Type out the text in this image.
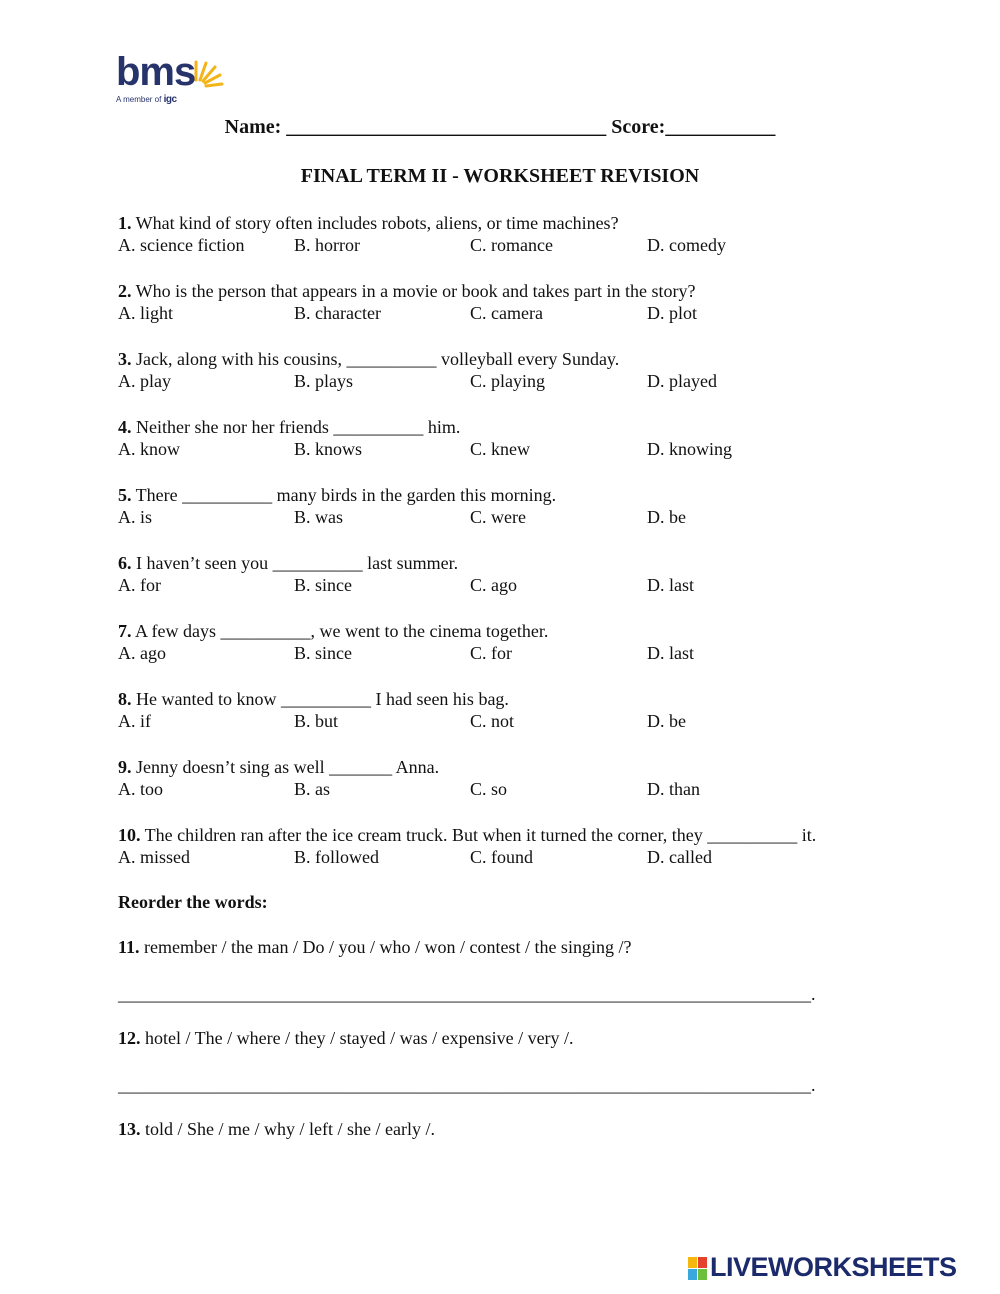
bms
A member of igc
Name: ________________________________ Score:___________
FINAL TERM II - WORKSHEET REVISION
1. What kind of story often includes robots, aliens, or time machines?
A. science fiction	B. horror	C. romance	D. comedy
2. Who is the person that appears in a movie or book and takes part in the story?
A. light	B. character	C. camera	D. plot
3. Jack, along with his cousins, __________ volleyball every Sunday.
A. play	B. plays	C. playing	D. played
4. Neither she nor her friends __________ him.
A. know	B. knows	C. knew	D. knowing
5. There __________ many birds in the garden this morning.
A. is	B. was	C. were	D. be
6. I haven’t seen you __________ last summer.
A. for	B. since	C. ago	D. last
7. A few days __________, we went to the cinema together.
A. ago	B. since	C. for	D. last
8. He wanted to know __________ I had seen his bag.
A. if	B. but	C. not	D. be
9. Jenny doesn’t sing as well _______ Anna.
A. too	B. as	C. so	D. than
10. The children ran after the ice cream truck. But when it turned the corner, they __________ it.
A. missed	B. followed	C. found	D. called
Reorder the words:
11. remember / the man / Do / you / who / won / contest / the singing /?
_____________________________________________________________________________.
12. hotel / The / where / they / stayed / was / expensive / very /.
_____________________________________________________________________________.
13. told / She / me / why / left / she / early /.
LIVEWORKSHEETS
